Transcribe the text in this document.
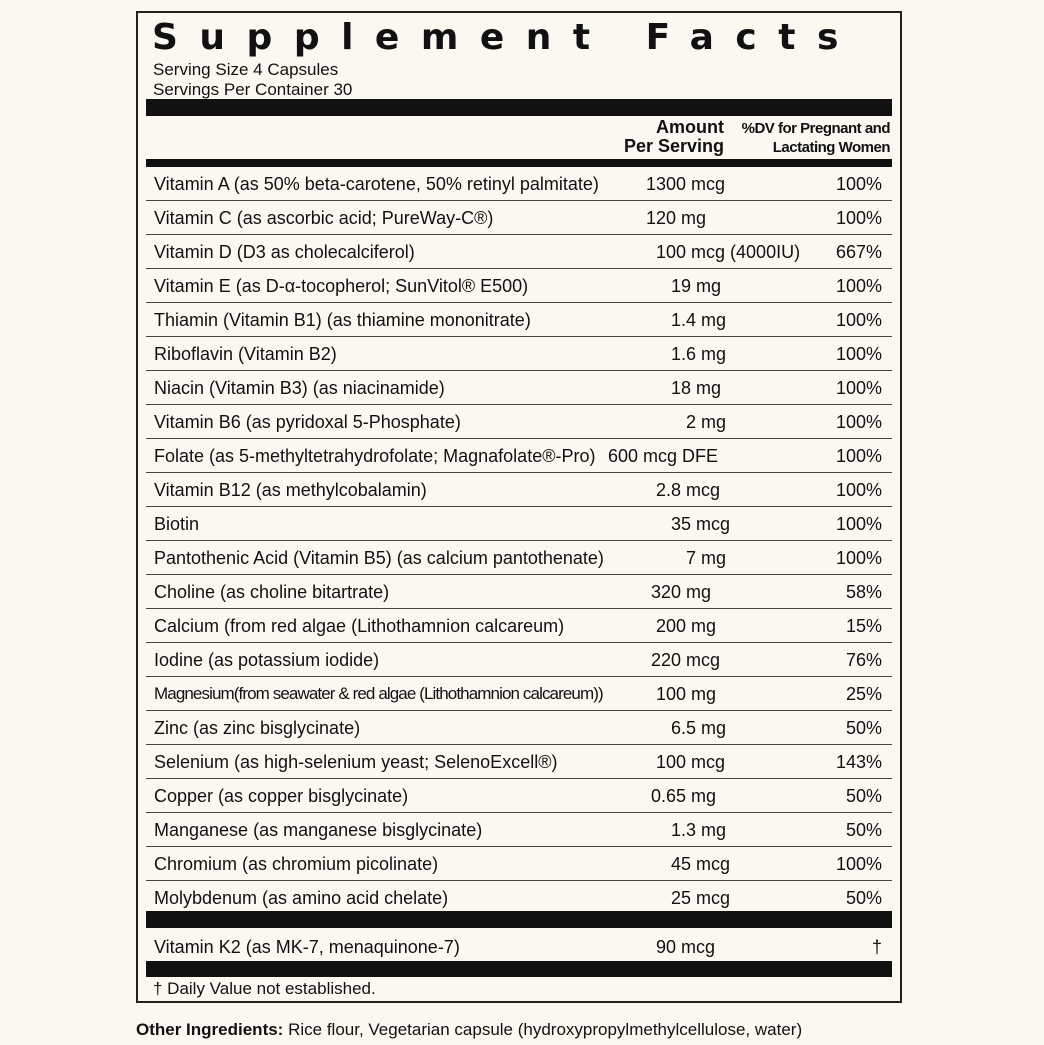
Supplement Facts
Serving Size 4 Capsules
Servings Per Container 30
Amount
Per Serving
%DV for Pregnant and
Lactating Women
Vitamin A (as 50% beta-carotene, 50% retinyl palmitate)	1300 mcg	100%
Vitamin C (as ascorbic acid; PureWay-C®)	120 mg	100%
Vitamin D (D3 as cholecalciferol)	100 mcg (4000IU) 667%
Vitamin E (as D-α-tocopherol; SunVitol® E500)	19 mg	100%
Thiamin (Vitamin B1) (as thiamine mononitrate)	1.4 mg	100%
Riboflavin (Vitamin B2)	1.6 mg	100%
Niacin (Vitamin B3) (as niacinamide)	18 mg	100%
Vitamin B6 (as pyridoxal 5-Phosphate)	2 mg	100%
Folate (as 5-methyltetrahydrofolate; Magnafolate®-Pro) 600 mcg DFE	100%
Vitamin B12 (as methylcobalamin)	2.8 mcg	100%
Biotin	35 mcg	100%
Pantothenic Acid (Vitamin B5) (as calcium pantothenate)	7 mg	100%
Choline (as choline bitartrate)	320 mg	58%
Calcium (from red algae (Lithothamnion calcareum)	200 mg	15%
Iodine (as potassium iodide)	220 mcg	76%
Magnesium(from seawater & red algae (Lithothamnion calcareum))	100 mg	25%
Zinc (as zinc bisglycinate)	6.5 mg	50%
Selenium (as high-selenium yeast; SelenoExcell®)	100 mcg	143%
Copper (as copper bisglycinate)	0.65 mg	50%
Manganese (as manganese bisglycinate)	1.3 mg	50%
Chromium (as chromium picolinate)	45 mcg	100%
Molybdenum (as amino acid chelate)	25 mcg	50%
Vitamin K2 (as MK-7, menaquinone-7)	90 mcg	†
† Daily Value not established.
Other Ingredients: Rice flour, Vegetarian capsule (hydroxypropylmethylcellulose, water)
